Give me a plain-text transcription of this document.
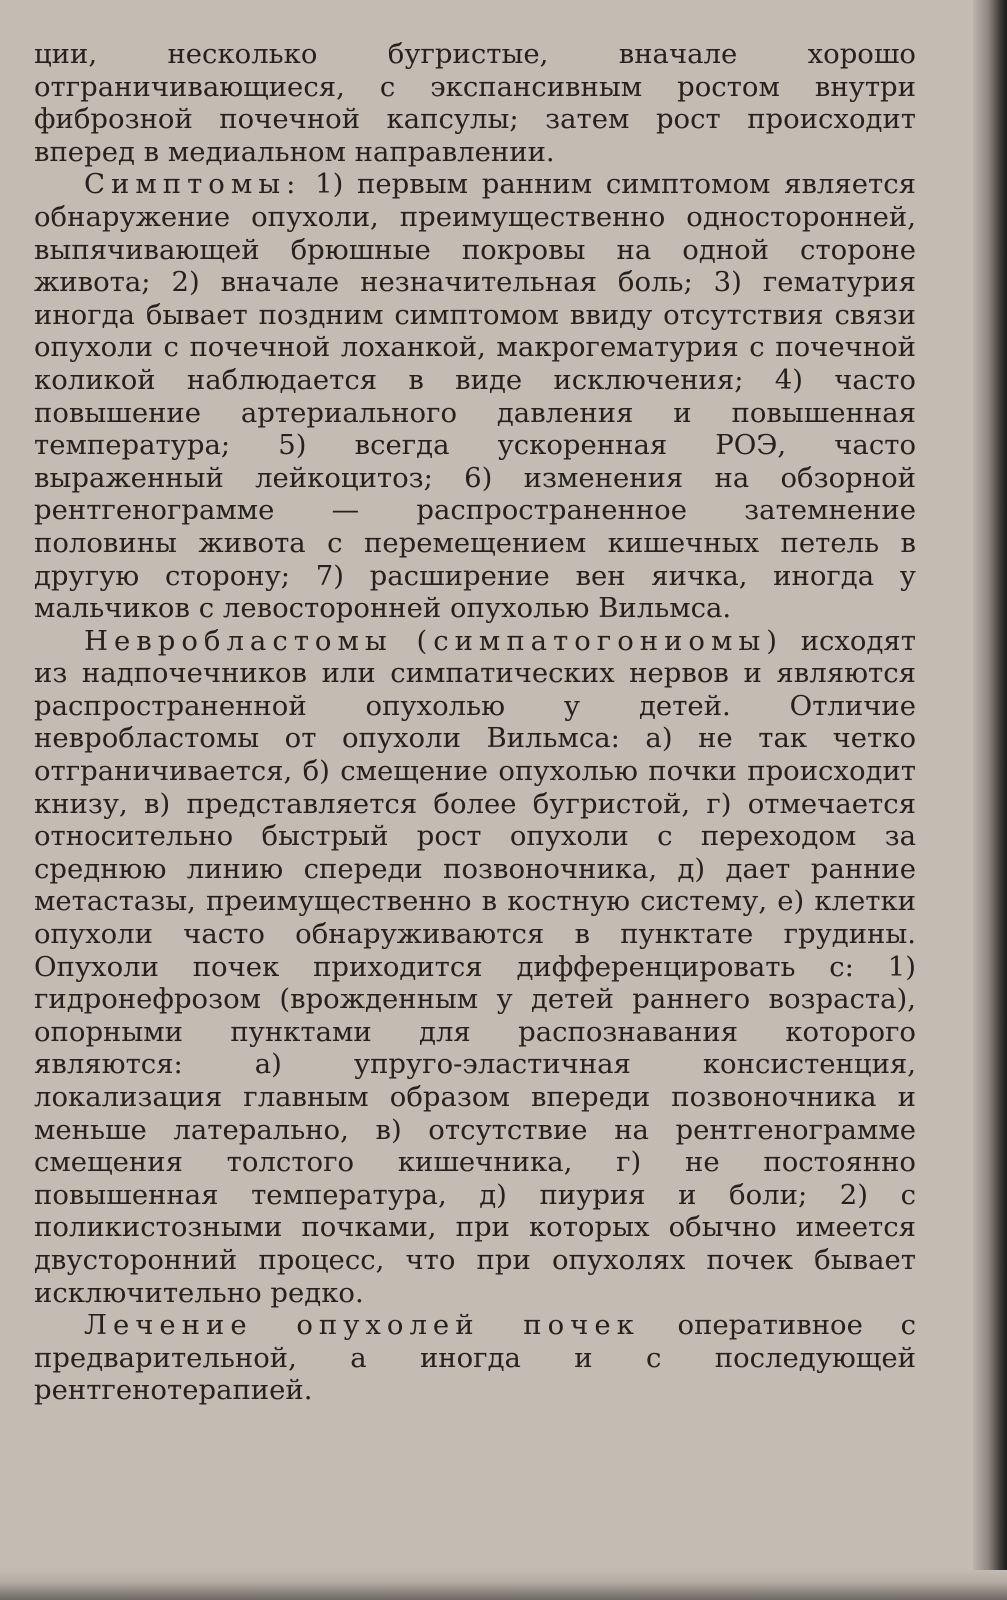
ции, несколько бугристые, вначале хорошо отграничивающиеся, с экспансивным ростом внутри фиброзной почечной капсулы; затем рост происходит вперед в медиальном направлении.

Симптомы: 1) первым ранним симптомом является обнаружение опухоли, преимущественно односторонней, выпячивающей брюшные покровы на одной стороне живота; 2) вначале незначительная боль; 3) гематурия иногда бывает поздним симптомом ввиду отсутствия связи опухоли с почечной лоханкой, макрогематурия с почечной коликой наблюдается в виде исключения; 4) часто повышение артериального давления и повышенная температура; 5) всегда ускоренная РОЭ, часто выраженный лейкоцитоз; 6) изменения на обзорной рентгенограмме — распространенное затемнение половины живота с перемещением кишечных петель в другую сторону; 7) расширение вен яичка, иногда у мальчиков с левосторонней опухолью Вильмса.

Невробластомы (симпатогониомы) исходят из надпочечников или симпатических нервов и являются распространенной опухолью у детей. Отличие невробластомы от опухоли Вильмса: а) не так четко отграничивается, б) смещение опухолью почки происходит книзу, в) представляется более бугристой, г) отмечается относительно быстрый рост опухоли с переходом за среднюю линию спереди позвоночника, д) дает ранние метастазы, преимущественно в костную систему, е) клетки опухоли часто обнаруживаются в пунктате грудины. Опухоли почек приходится дифференцировать с: 1) гидронефрозом (врожденным у детей раннего возраста), опорными пунктами для распознавания которого являются: а) упруго-эластичная консистенция, локализация главным образом впереди позвоночника и меньше латерально, в) отсутствие на рентгенограмме смещения толстого кишечника, г) не постоянно повышенная температура, д) пиурия и боли; 2) с поликистозными почками, при которых обычно имеется двусторонний процесс, что при опухолях почек бывает исключительно редко.

Лечение опухолей почек оперативное с предварительной, а иногда и с последующей рентгенотерапией.
